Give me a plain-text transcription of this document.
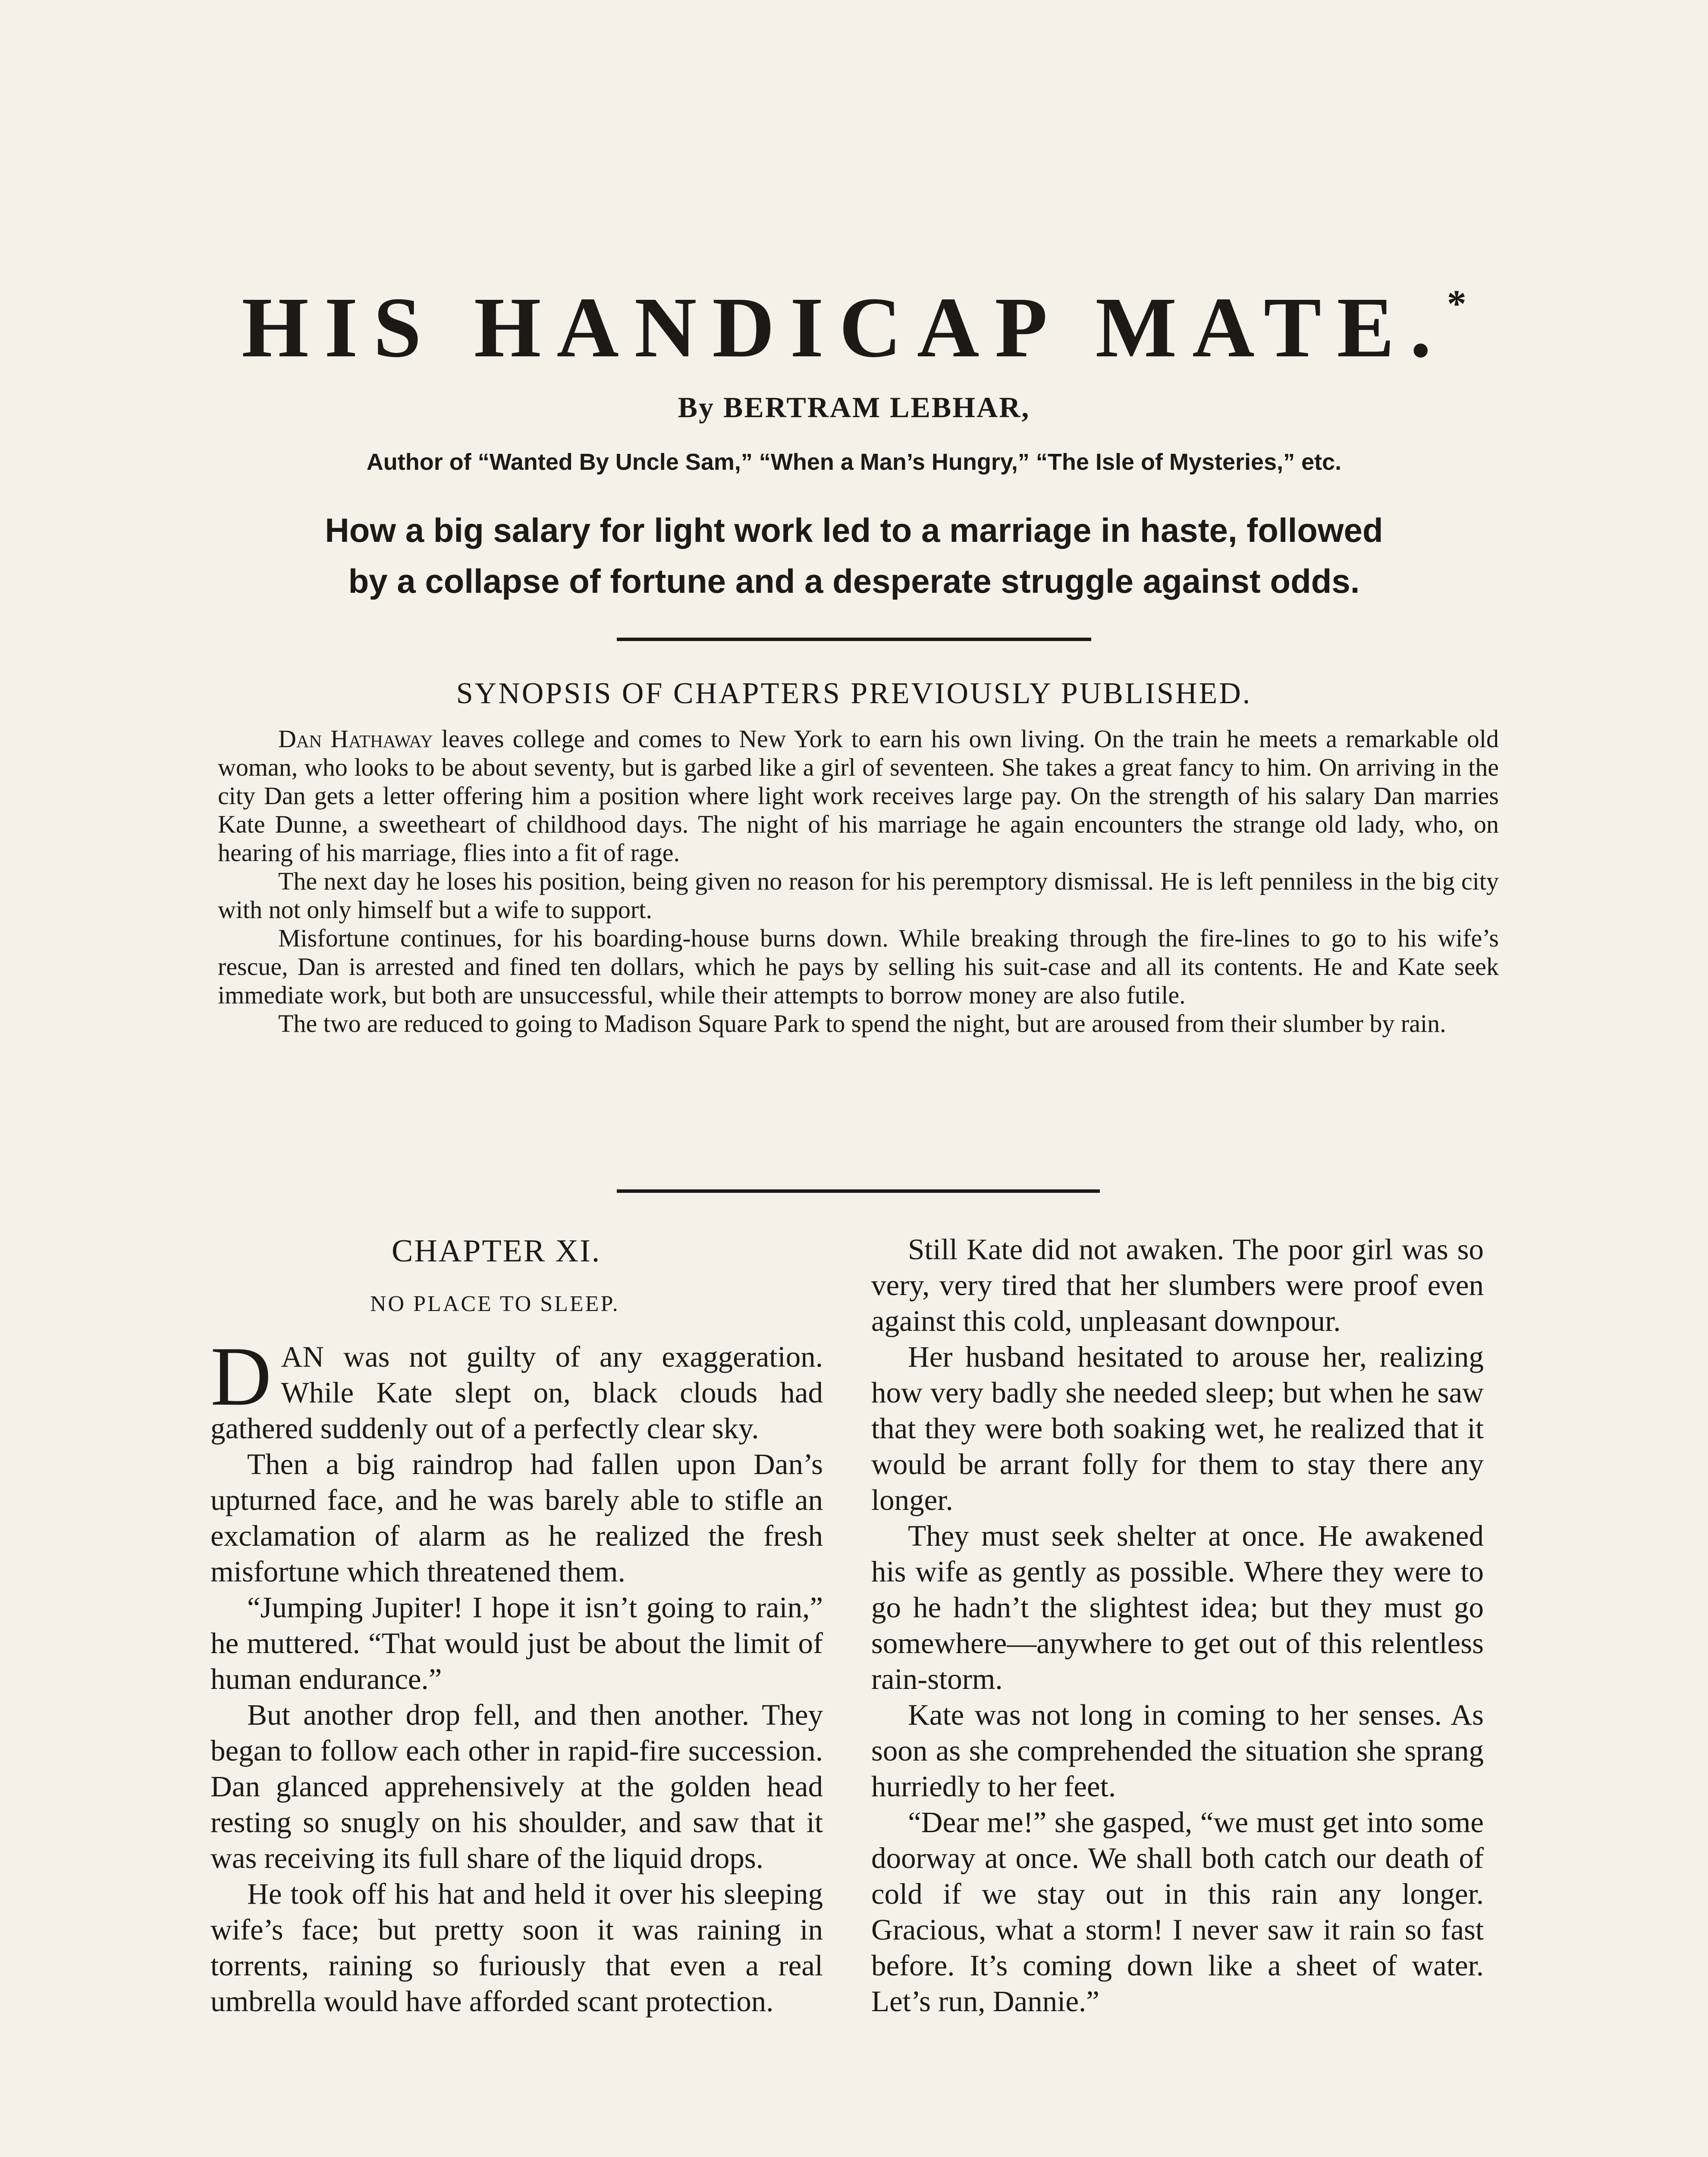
HIS HANDICAP MATE.*
By BERTRAM LEBHAR,
Author of “Wanted By Uncle Sam,” “When a Man’s Hungry,” “The Isle of Mysteries,” etc.
How a big salary for light work led to a marriage in haste, followed by a collapse of fortune and a desperate struggle against odds.
SYNOPSIS OF CHAPTERS PREVIOUSLY PUBLISHED.

Dan Hathaway leaves college and comes to New York to earn his own living. On the train he meets a remarkable old woman, who looks to be about seventy, but is garbed like a girl of seventeen. She takes a great fancy to him. On arriving in the city Dan gets a letter offering him a position where light work receives large pay. On the strength of his salary Dan marries Kate Dunne, a sweetheart of childhood days. The night of his marriage he again encounters the strange old lady, who, on hearing of his marriage, flies into a fit of rage.

The next day he loses his position, being given no reason for his peremptory dismissal. He is left penniless in the big city with not only himself but a wife to support.

Misfortune continues, for his boarding-house burns down. While breaking through the fire-lines to go to his wife’s rescue, Dan is arrested and fined ten dollars, which he pays by selling his suit-case and all its contents. He and Kate seek immediate work, but both are unsuccessful, while their attempts to borrow money are also futile.

The two are reduced to going to Madison Square Park to spend the night, but are aroused from their slumber by rain.

CHAPTER XI.
NO PLACE TO SLEEP.

DAN was not guilty of any exaggeration. While Kate slept on, black clouds had gathered suddenly out of a perfectly clear sky.

Then a big raindrop had fallen upon Dan’s upturned face, and he was barely able to stifle an exclamation of alarm as he realized the fresh misfortune which threatened them.

“Jumping Jupiter! I hope it isn’t going to rain,” he muttered. “That would just be about the limit of human endurance.”

But another drop fell, and then another. They began to follow each other in rapid-fire succession. Dan glanced apprehensively at the golden head resting so snugly on his shoulder, and saw that it was receiving its full share of the liquid drops.

He took off his hat and held it over his sleeping wife’s face; but pretty soon it was raining in torrents, raining so furiously that even a real umbrella would have afforded scant protection.

Still Kate did not awaken. The poor girl was so very, very tired that her slumbers were proof even against this cold, unpleasant downpour.

Her husband hesitated to arouse her, realizing how very badly she needed sleep; but when he saw that they were both soaking wet, he realized that it would be arrant folly for them to stay there any longer.

They must seek shelter at once. He awakened his wife as gently as possible. Where they were to go he hadn’t the slightest idea; but they must go somewhere—anywhere to get out of this relentless rain-storm.

Kate was not long in coming to her senses. As soon as she comprehended the situation she sprang hurriedly to her feet.

“Dear me!” she gasped, “we must get into some doorway at once. We shall both catch our death of cold if we stay out in this rain any longer. Gracious, what a storm! I never saw it rain so fast before. It’s coming down like a sheet of water. Let’s run, Dannie.”
